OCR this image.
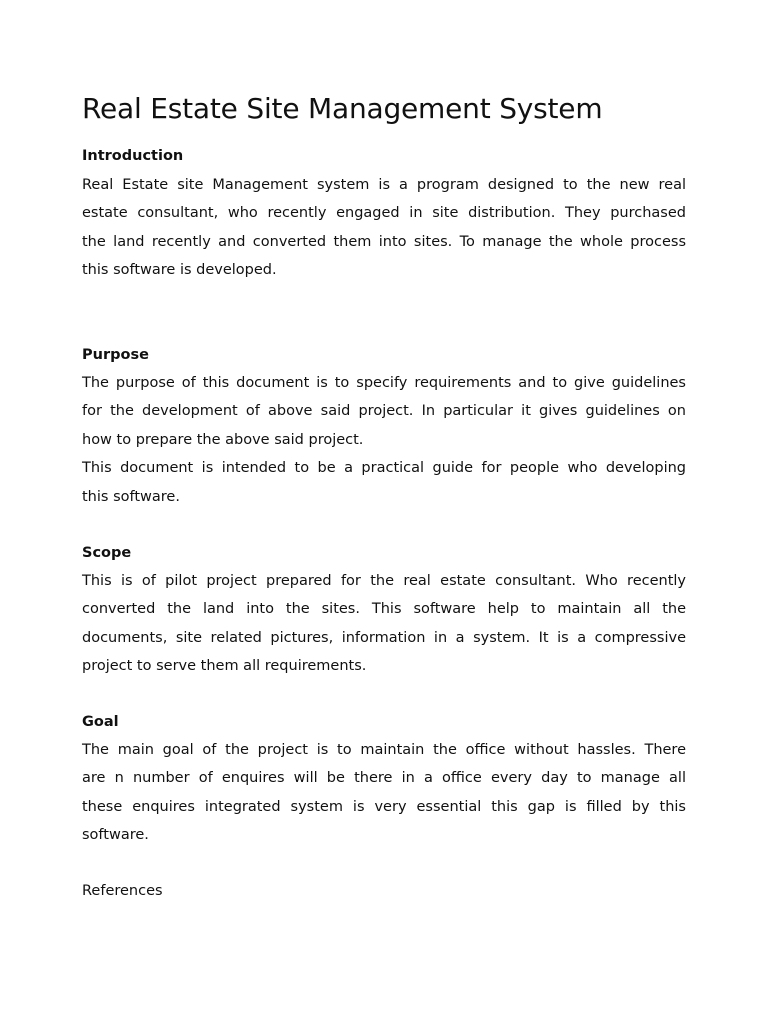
Real Estate Site Management System
Introduction

Real Estate site Management system is a program designed to the new real
estate consultant, who recently engaged in site distribution. They purchased
the land recently and converted them into sites. To manage the whole process
this software is developed.

Purpose

The purpose of this document is to specify requirements and to give guidelines
for the development of above said project. In particular it gives guidelines on
how to prepare the above said project.
This document is intended to be a practical guide for people who developing
this software.

Scope

This is of pilot project prepared for the real estate consultant. Who recently
converted the land into the sites. This software help to maintain all the
documents, site related pictures, information in a system. It is a compressive
project to serve them all requirements.

Goal

The main goal of the project is to maintain the office without hassles. There
are n number of enquires will be there in a office every day to manage all
these enquires integrated system is very essential this gap is filled by this
software.

References
